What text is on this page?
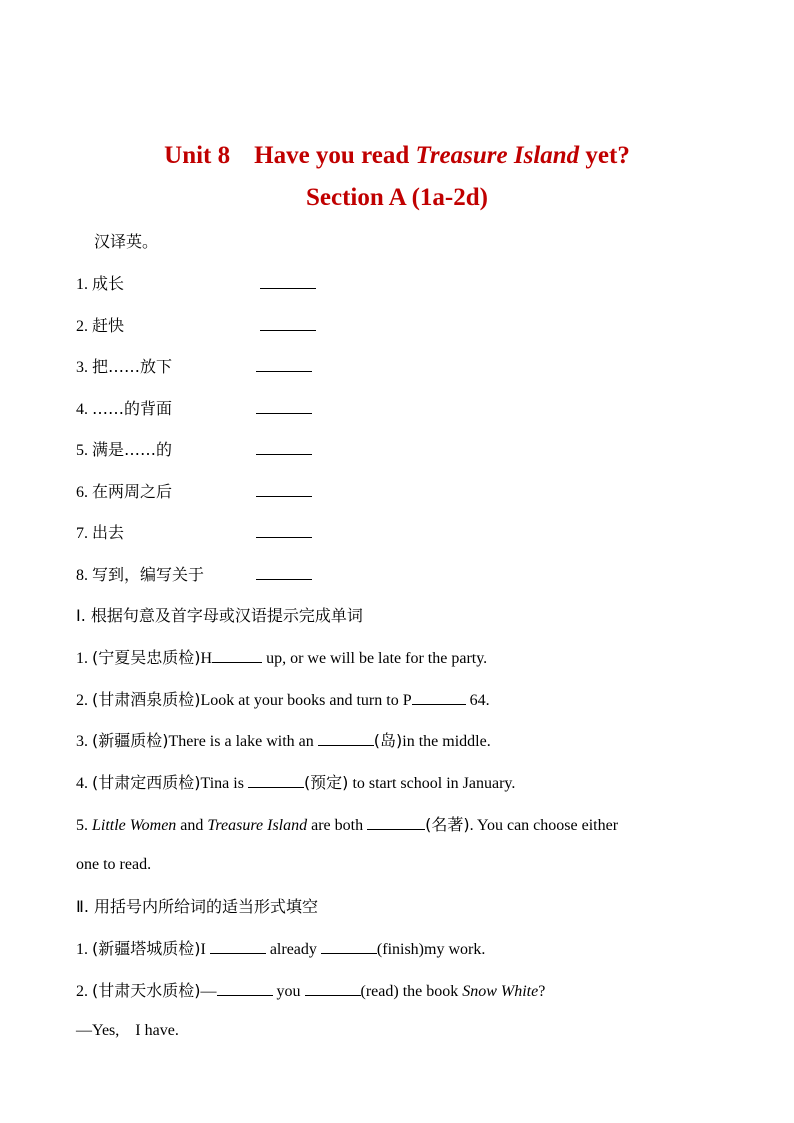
Unit 8 Have you read Treasure Island yet?
Section A (1a-2d)
汉译英。
1. 成长
2. 赶快
3. 把……放下
4. ……的背面
5. 满是……的
6. 在两周之后
7. 出去
8. 写到，编写关于
Ⅰ. 根据句意及首字母或汉语提示完成单词
1. (宁夏吴忠质检)H	up, or we will be late for the party.
2. (甘肃酒泉质检)Look at your books and turn to P	64.
3. (新疆质检)There is a lake with an	(岛)in the middle.
4. (甘肃定西质检)Tina is	(预定) to start school in January.
5. Little Women and Treasure Island are both	(名著). You can choose either
one to read.
Ⅱ. 用括号内所给词的适当形式填空
1. (新疆塔城质检)I	already	(finish)my work.
2. (甘肃天水质检)—	you	(read) the book Snow White?
—Yes,    I have.
